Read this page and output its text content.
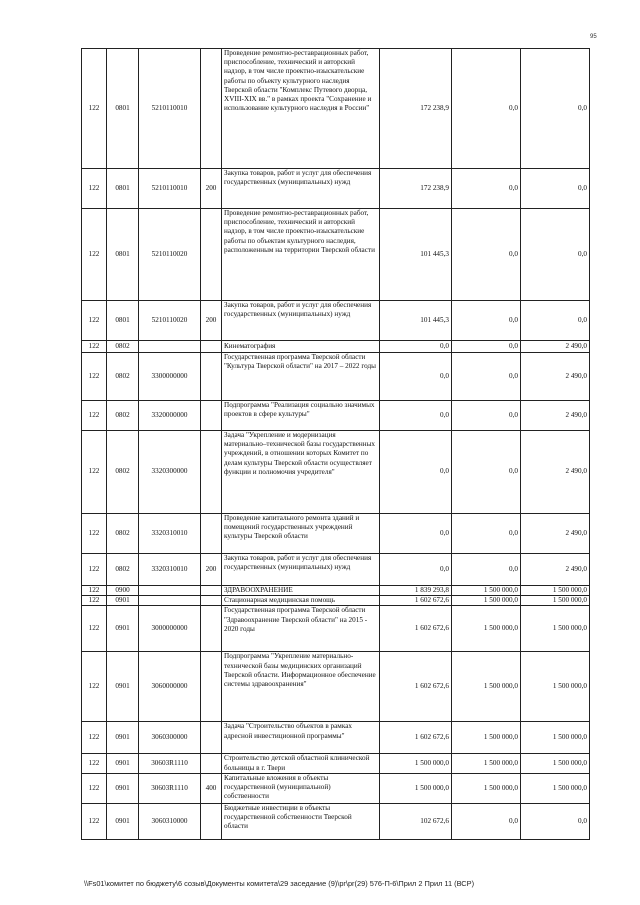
95
122	0801	5210110010		Проведение ремонтно-реставрационных работ, приспособление, технический и авторский надзор, в том числе проектно-изыскательские работы по объекту культурного наследия Тверской области "Комплекс Путевого дворца, XVIII-XIX вв." в рамках проекта "Сохранение и использование культурного наследия в России"	172 238,9	0,0	0,0
122	0801	5210110010	200	Закупка товаров, работ и услуг для обеспечения государственных (муниципальных) нужд	172 238,9	0,0	0,0
122	0801	5210110020		Проведение ремонтно-реставрационных работ, приспособление, технический и авторский надзор, в том числе проектно-изыскательские работы по объектам культурного наследия, расположенным на территории Тверской области	101 445,3	0,0	0,0
122	0801	5210110020	200	Закупка товаров, работ и услуг для обеспечения государственных (муниципальных) нужд	101 445,3	0,0	0,0
122	0802			Кинематография	0,0	0,0	2 490,0
122	0802	3300000000		Государственная программа Тверской области "Культура Тверской области" на 2017 – 2022 годы	0,0	0,0	2 490,0
122	0802	3320000000		Подпрограмма "Реализация социально значимых проектов в сфере культуры"	0,0	0,0	2 490,0
122	0802	3320300000		Задача "Укрепление и модернизация материально–технической базы государственных учреждений, в отношении которых Комитет по делам культуры Тверской области осуществляет функции и полномочия учредителя"	0,0	0,0	2 490,0
122	0802	3320310010		Проведение капитального ремонта зданий и помещений государственных учреждений культуры Тверской области	0,0	0,0	2 490,0
122	0802	3320310010	200	Закупка товаров, работ и услуг для обеспечения государственных (муниципальных) нужд	0,0	0,0	2 490,0
122	0900			ЗДРАВООХРАНЕНИЕ	1 839 293,8	1 500 000,0	1 500 000,0
122	0901			Стационарная медицинская помощь	1 602 672,6	1 500 000,0	1 500 000,0
122	0901	3000000000		Государственная программа Тверской области "Здравоохранение Тверской области" на 2015 - 2020 годы	1 602 672,6	1 500 000,0	1 500 000,0
122	0901	3060000000		Подпрограмма "Укрепление материально-технической базы медицинских организаций Тверской области. Информационное обеспечение системы здравоохранения"	1 602 672,6	1 500 000,0	1 500 000,0
122	0901	3060300000		Задача "Строительство объектов в рамках адресной инвестиционной программы"	1 602 672,6	1 500 000,0	1 500 000,0
122	0901	30603R1110		Строительство детской областной клинической больницы в г. Твери	1 500 000,0	1 500 000,0	1 500 000,0
122	0901	30603R1110	400	Капитальные вложения в объекты государственной (муниципальной) собственности	1 500 000,0	1 500 000,0	1 500 000,0
122	0901	3060310000		Бюджетные инвестиции в объекты государственной собственности Тверской области	102 672,6	0,0	0,0
\\Fs01\комитет по бюджету\6 созыв\Документы комитета\29 заседание (9)\pr\pr(29) 576-П-6\Прил 2 Прил 11 (ВСР)
